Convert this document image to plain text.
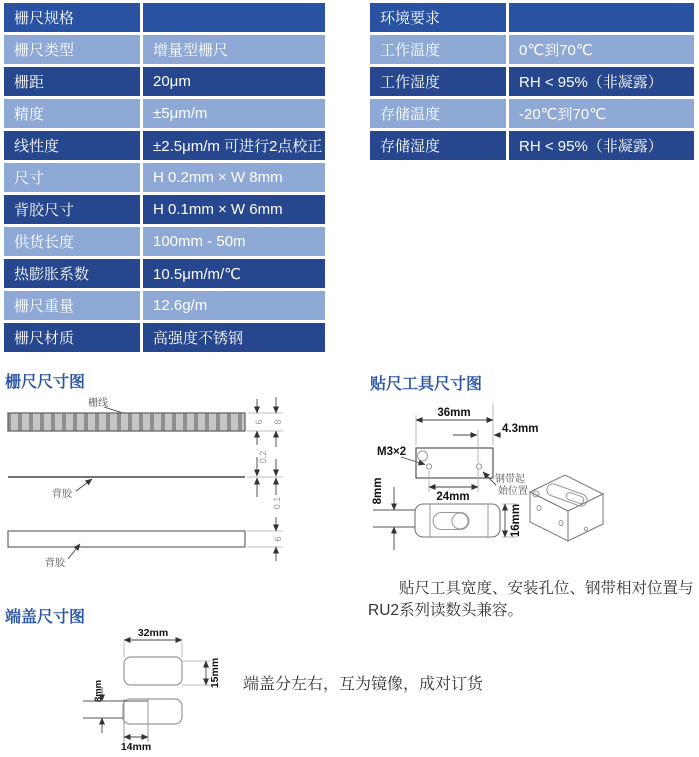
栅尺规格	
栅尺类型	增量型栅尺
栅距	20μm
精度	±5μm/m
线性度	±2.5μm/m 可进行2点校正
尺寸	H 0.2mm × W 8mm
背胶尺寸	H 0.1mm × W 6mm
供货长度	100mm - 50m
热膨胀系数	10.5μm/m/℃
栅尺重量	12.6g/m
栅尺材质	高强度不锈钢
环境要求	
工作温度	0℃到70℃
工作湿度	RH < 95%（非凝露）
存储温度	-20℃到70℃
存储湿度	RH < 95%（非凝露）
栅尺尺寸图	贴尺工具尺寸图
端盖尺寸图
栅线
6 8
0.2
0.1
背胶
6
背胶
M3×2
36mm
4.3mm
24mm
钢带起
始位置
16mm
8mm
贴尺工具宽度、安装孔位、钢带相对位置与
RU2系列读数头兼容。
32mm
15mm
8mm
14mm
端盖分左右，互为镜像，成对订货
